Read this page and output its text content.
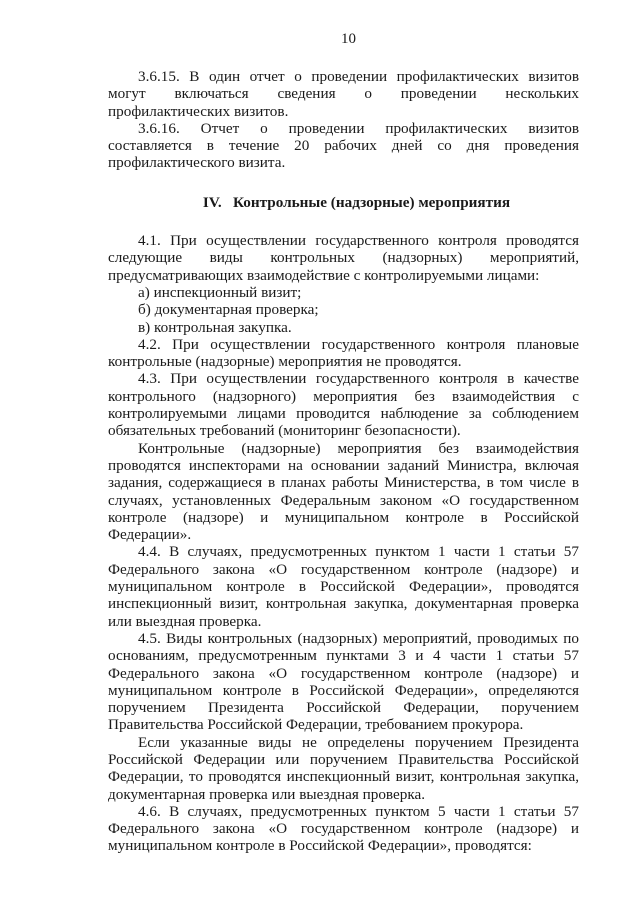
10

3.6.15. В один отчет о проведении профилактических визитов могут включаться сведения о проведении нескольких профилактических визитов.

3.6.16. Отчет о проведении профилактических визитов составляется в течение 20 рабочих дней со дня проведения профилактического визита.

IV.   Контрольные (надзорные) мероприятия

4.1. При осуществлении государственного контроля проводятся следующие виды контрольных (надзорных) мероприятий, предусматривающих взаимодействие с контролируемыми лицами:

а) инспекционный визит;

б) документарная проверка;

в) контрольная закупка.

4.2. При осуществлении государственного контроля плановые контрольные (надзорные) мероприятия не проводятся.

4.3. При осуществлении государственного контроля в качестве контрольного (надзорного) мероприятия без взаимодействия с контролируемыми лицами проводится наблюдение за соблюдением обязательных требований (мониторинг безопасности).

Контрольные (надзорные) мероприятия без взаимодействия проводятся инспекторами на основании заданий Министра, включая задания, содержащиеся в планах работы Министерства, в том числе в случаях, установленных Федеральным законом «О государственном контроле (надзоре) и муниципальном контроле в Российской Федерации».

4.4. В случаях, предусмотренных пунктом 1 части 1 статьи 57 Федерального закона «О государственном контроле (надзоре) и муниципальном контроле в Российской Федерации», проводятся инспекционный визит, контрольная закупка, документарная проверка или выездная проверка.

4.5. Виды контрольных (надзорных) мероприятий, проводимых по основаниям, предусмотренным пунктами 3 и 4 части 1 статьи 57 Федерального закона «О государственном контроле (надзоре) и муниципальном контроле в Российской Федерации», определяются поручением Президента Российской Федерации, поручением Правительства Российской Федерации, требованием прокурора.

Если указанные виды не определены поручением Президента Российской Федерации или поручением Правительства Российской Федерации, то проводятся инспекционный визит, контрольная закупка, документарная проверка или выездная проверка.

4.6. В случаях, предусмотренных пунктом 5 части 1 статьи 57 Федерального закона «О государственном контроле (надзоре) и муниципальном контроле в Российской Федерации», проводятся:
